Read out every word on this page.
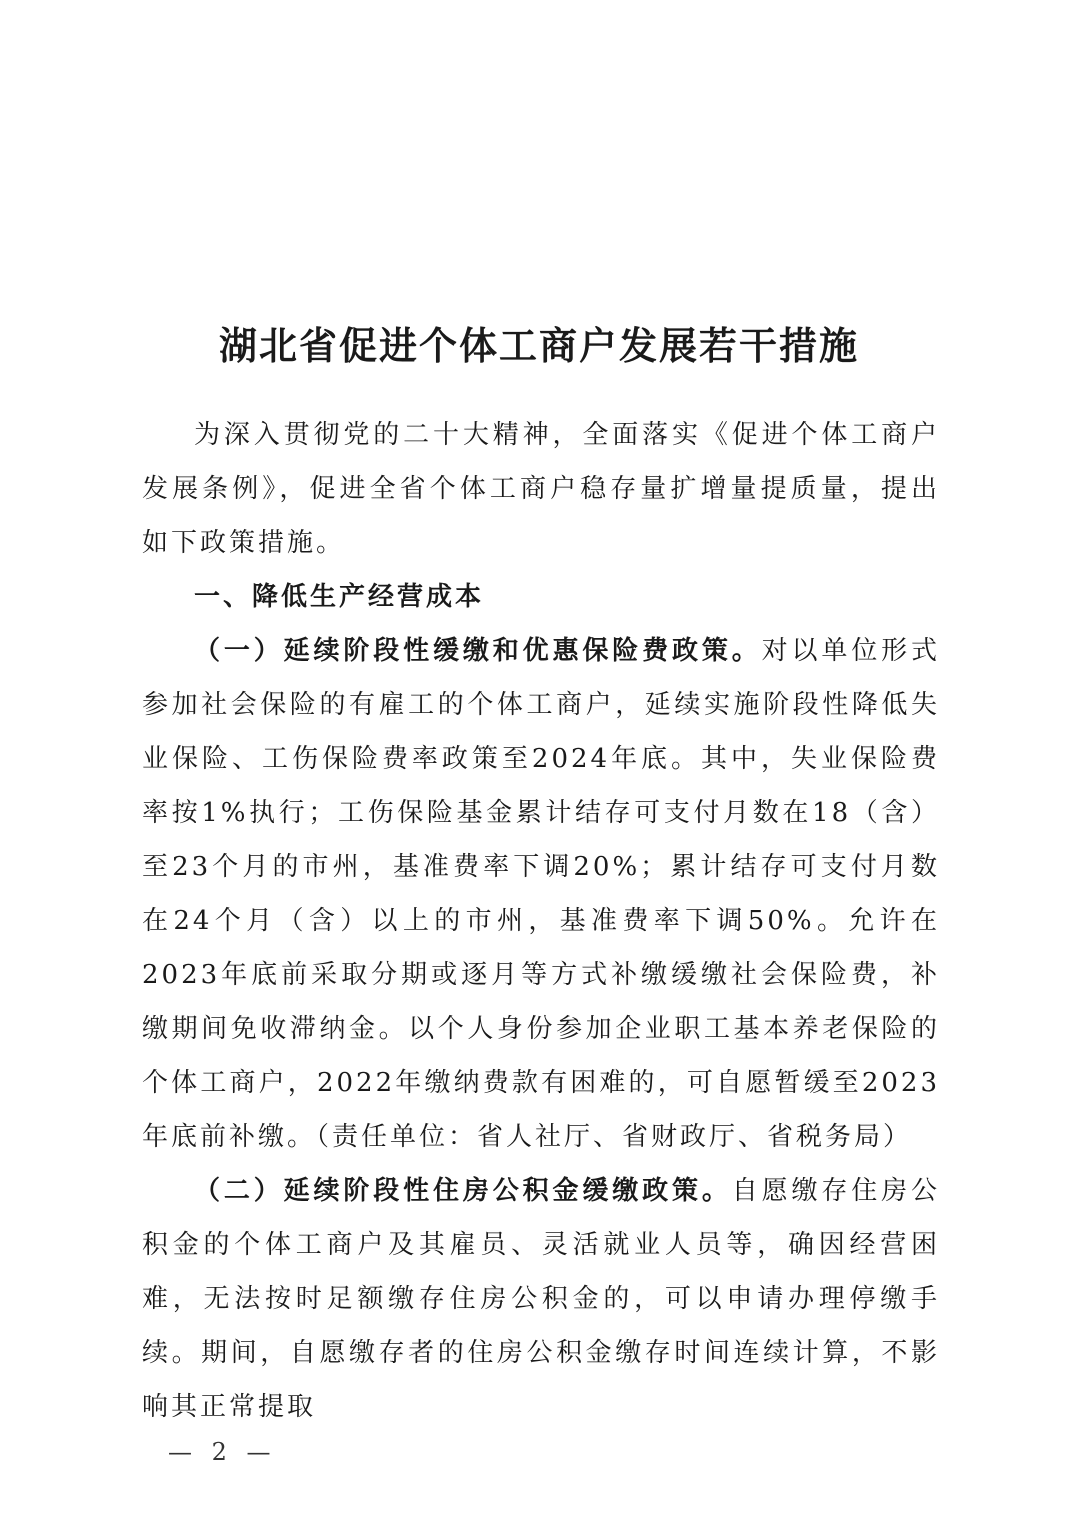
湖北省促进个体工商户发展若干措施

为深入贯彻党的二十大精神，全面落实《促进个体工商户发展条例》，促进全省个体工商户稳存量扩增量提质量，提出如下政策措施。

一、降低生产经营成本

（一）延续阶段性缓缴和优惠保险费政策。对以单位形式参加社会保险的有雇工的个体工商户，延续实施阶段性降低失业保险、工伤保险费率政策至2024年底。其中，失业保险费率按1%执行；工伤保险基金累计结存可支付月数在18（含）至23个月的市州，基准费率下调20%；累计结存可支付月数在24个月（含）以上的市州，基准费率下调50%。允许在2023年底前采取分期或逐月等方式补缴缓缴社会保险费，补缴期间免收滞纳金。以个人身份参加企业职工基本养老保险的个体工商户，2022年缴纳费款有困难的，可自愿暂缓至2023年底前补缴。（责任单位：省人社厅、省财政厅、省税务局）

（二）延续阶段性住房公积金缓缴政策。自愿缴存住房公积金的个体工商户及其雇员、灵活就业人员等，确因经营困难，无法按时足额缴存住房公积金的，可以申请办理停缴手续。期间，自愿缴存者的住房公积金缴存时间连续计算，不影响其正常提取

— 2 —
